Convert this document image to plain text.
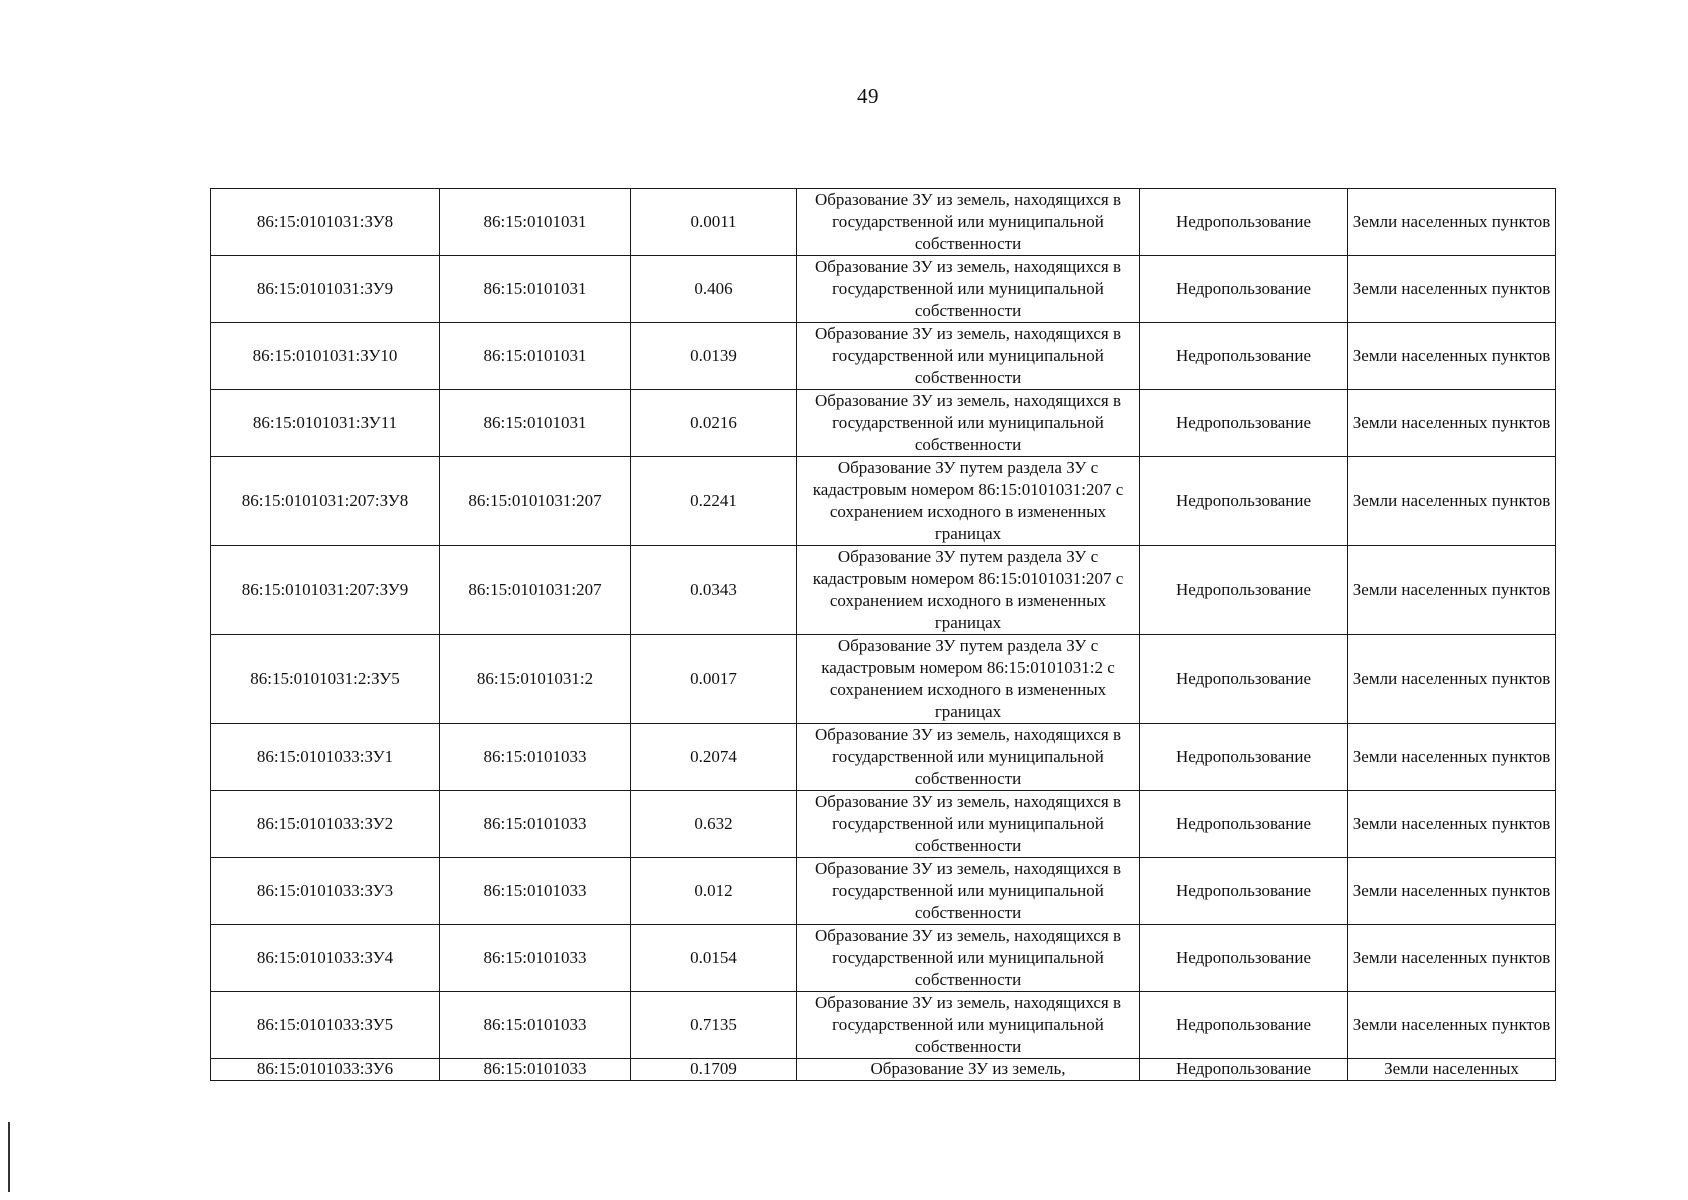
49
86:15:0101031:ЗУ8	86:15:0101031	0.0011	Образование ЗУ из земель, находящихся в государственной или муниципальной собственности	Недропользование	Земли населенных пунктов
86:15:0101031:ЗУ9	86:15:0101031	0.406	Образование ЗУ из земель, находящихся в государственной или муниципальной собственности	Недропользование	Земли населенных пунктов
86:15:0101031:ЗУ10	86:15:0101031	0.0139	Образование ЗУ из земель, находящихся в государственной или муниципальной собственности	Недропользование	Земли населенных пунктов
86:15:0101031:ЗУ11	86:15:0101031	0.0216	Образование ЗУ из земель, находящихся в государственной или муниципальной собственности	Недропользование	Земли населенных пунктов
86:15:0101031:207:ЗУ8	86:15:0101031:207	0.2241	Образование ЗУ путем раздела ЗУ с кадастровым номером 86:15:0101031:207 с сохранением исходного в измененных границах	Недропользование	Земли населенных пунктов
86:15:0101031:207:ЗУ9	86:15:0101031:207	0.0343	Образование ЗУ путем раздела ЗУ с кадастровым номером 86:15:0101031:207 с сохранением исходного в измененных границах	Недропользование	Земли населенных пунктов
86:15:0101031:2:ЗУ5	86:15:0101031:2	0.0017	Образование ЗУ путем раздела ЗУ с кадастровым номером 86:15:0101031:2 с сохранением исходного в измененных границах	Недропользование	Земли населенных пунктов
86:15:0101033:ЗУ1	86:15:0101033	0.2074	Образование ЗУ из земель, находящихся в государственной или муниципальной собственности	Недропользование	Земли населенных пунктов
86:15:0101033:ЗУ2	86:15:0101033	0.632	Образование ЗУ из земель, находящихся в государственной или муниципальной собственности	Недропользование	Земли населенных пунктов
86:15:0101033:ЗУ3	86:15:0101033	0.012	Образование ЗУ из земель, находящихся в государственной или муниципальной собственности	Недропользование	Земли населенных пунктов
86:15:0101033:ЗУ4	86:15:0101033	0.0154	Образование ЗУ из земель, находящихся в государственной или муниципальной собственности	Недропользование	Земли населенных пунктов
86:15:0101033:ЗУ5	86:15:0101033	0.7135	Образование ЗУ из земель, находящихся в государственной или муниципальной собственности	Недропользование	Земли населенных пунктов
86:15:0101033:ЗУ6	86:15:0101033	0.1709	Образование ЗУ из земель,	Недропользование	Земли населенных
